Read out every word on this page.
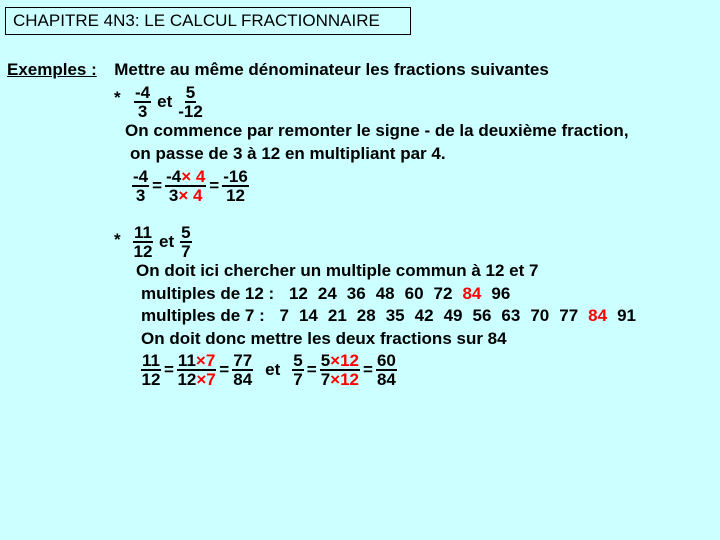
CHAPITRE 4N3: LE CALCUL FRACTIONNAIRE
Exemples : Mettre au même dénominateur les fractions suivantes
* $\frac{-4}{3}$ et $\frac{5}{-12}$
On commence par remonter le signe - de la deuxième fraction,
on passe de 3 à 12 en multipliant par 4.
$\frac{-4}{3} = \frac{-4\times 4}{3\times 4} = \frac{-16}{12}$
* $\frac{11}{12}$ et $\frac{5}{7}$
On doit ici chercher un multiple commun à 12 et 7
multiples de 12 : 12 24 36 48 60 72 84 96
multiples de 7 : 7 14 21 28 35 42 49 56 63 70 77 84 91
On doit donc mettre les deux fractions sur 84
$\frac{11}{12} = \frac{11\times 7}{12\times 7} = \frac{77}{84}$ et $\frac{5}{7} = \frac{5\times 12}{7\times 12} = \frac{60}{84}$
